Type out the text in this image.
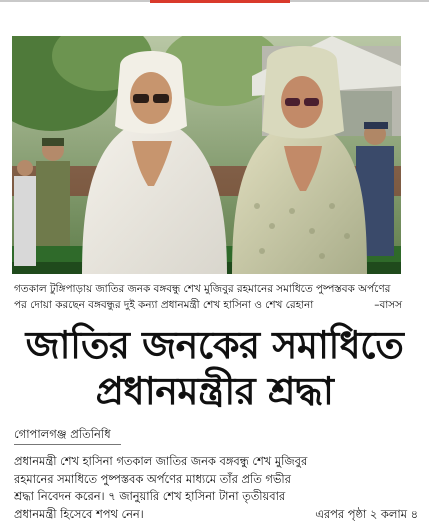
গতকাল টুঙ্গিপাড়ায় জাতির জনক বঙ্গবন্ধু শেখ মুজিবুর রহমানের সমাধিতে পুষ্পস্তবক অর্পণের
পর দোয়া করছেন বঙ্গবন্ধুর দুই কন্যা প্রধানমন্ত্রী শেখ হাসিনা ও শেখ রেহানা	–বাসস
জাতির জনকের সমাধিতে
প্রধানমন্ত্রীর শ্রদ্ধা
গোপালগঞ্জ প্রতিনিধি
প্রধানমন্ত্রী শেখ হাসিনা গতকাল জাতির জনক বঙ্গবন্ধু শেখ মুজিবুর
রহমানের সমাধিতে পুষ্পস্তবক অর্পণের মাধ্যমে তাঁর প্রতি গভীর
শ্রদ্ধা নিবেদন করেন। ৭ জানুয়ারি শেখ হাসিনা টানা তৃতীয়বার
প্রধানমন্ত্রী হিসেবে শপথ নেন।	এরপর পৃষ্ঠা ২ কলাম ৪
